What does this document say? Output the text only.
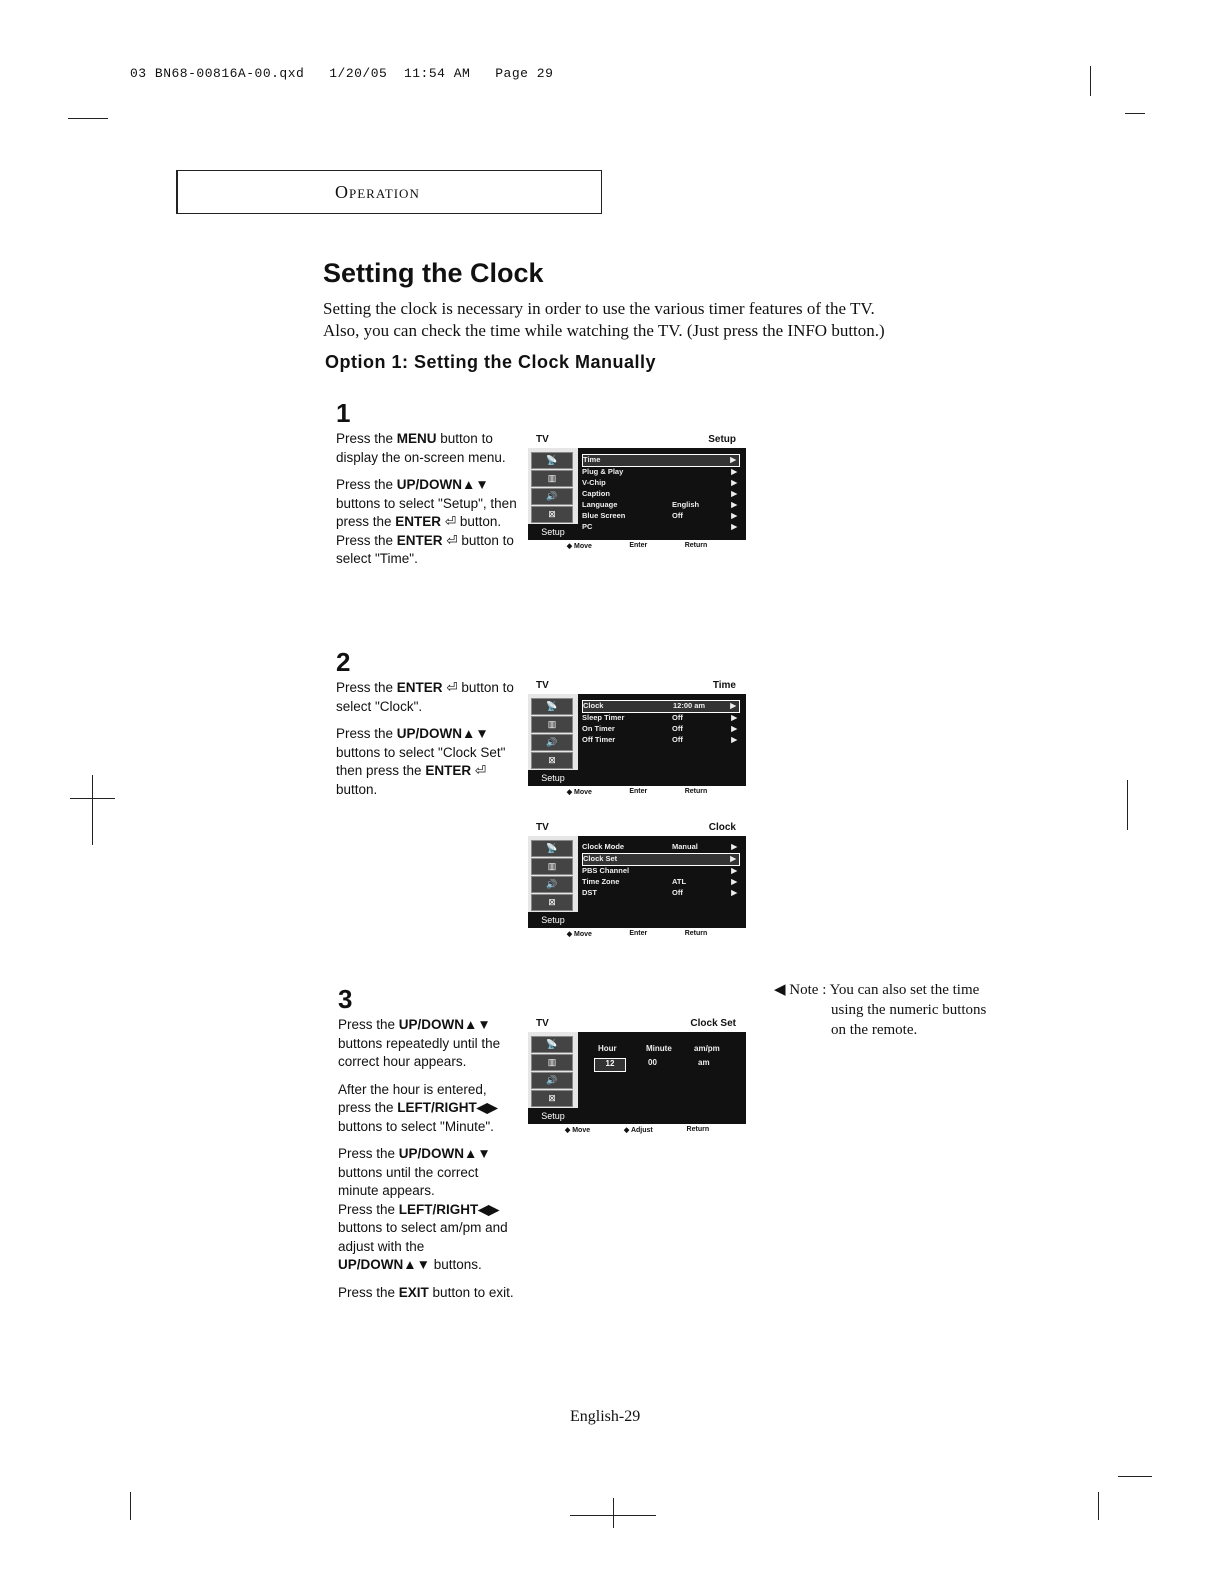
03 BN68-00816A-00.qxd   1/20/05  11:54 AM   Page 29
Operation
Setting the Clock
Setting the clock is necessary in order to use the various timer features of the TV.
Also, you can check the time while watching the TV. (Just press the INFO button.)
Option 1: Setting the Clock Manually
1

Press the MENU button to display the on-screen menu.

Press the UP/DOWN▲▼ buttons to select "Setup", then press the ENTER ⏎ button.

Press the ENTER ⏎ button to select "Time".

TV	Setup
📡
▥
🔊
⊠
Setup
Time	▶
Plug & Play	▶
V-Chip	▶
Caption	▶
Language	English	▶
Blue Screen	Off	▶
PC	▶
◆ Move	Enter	Return
2

Press the ENTER ⏎ button to select "Clock".

Press the UP/DOWN▲▼ buttons to select "Clock Set" then press the ENTER ⏎ button.

TV	Time
📡
▥
🔊
⊠
Setup
Clock	12:00 am	▶
Sleep Timer	Off	▶
On Timer	Off	▶
Off Timer	Off	▶
◆ Move	Enter	Return
TV	Clock
📡
▥
🔊
⊠
Setup
Clock Mode	Manual	▶
Clock Set	▶
PBS Channel	▶
Time Zone	ATL	▶
DST	Off	▶
◆ Move	Enter	Return
3

Press the UP/DOWN▲▼ buttons repeatedly until the correct hour appears.

After the hour is entered, press the LEFT/RIGHT◀▶ buttons to select "Minute".

Press the UP/DOWN▲▼ buttons until the correct minute appears.

Press the LEFT/RIGHT◀▶ buttons to select am/pm and adjust with the UP/DOWN▲▼ buttons.

Press the EXIT button to exit.

TV	Clock Set
📡
▥
🔊
⊠
Setup
Hour	Minute	am/pm
12	00	am
◆ Move	◆ Adjust	Return
◀ Note : You can also set the time
using the numeric buttons
on the remote.
English-29
